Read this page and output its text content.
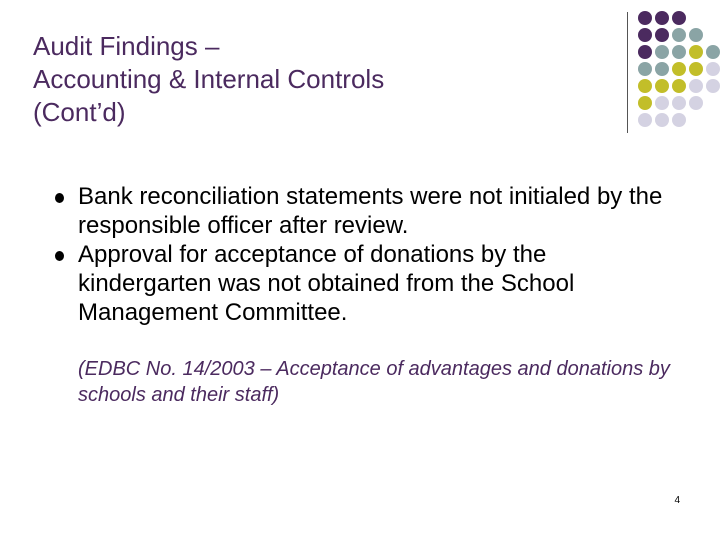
Audit Findings –
Accounting & Internal Controls
(Cont’d)
Bank reconciliation statements were not initialed by the responsible officer after review.
Approval for acceptance of donations by the kindergarten was not obtained from the School Management Committee.

(EDBC No. 14/2003 – Acceptance of advantages and donations by schools and their staff)

4
